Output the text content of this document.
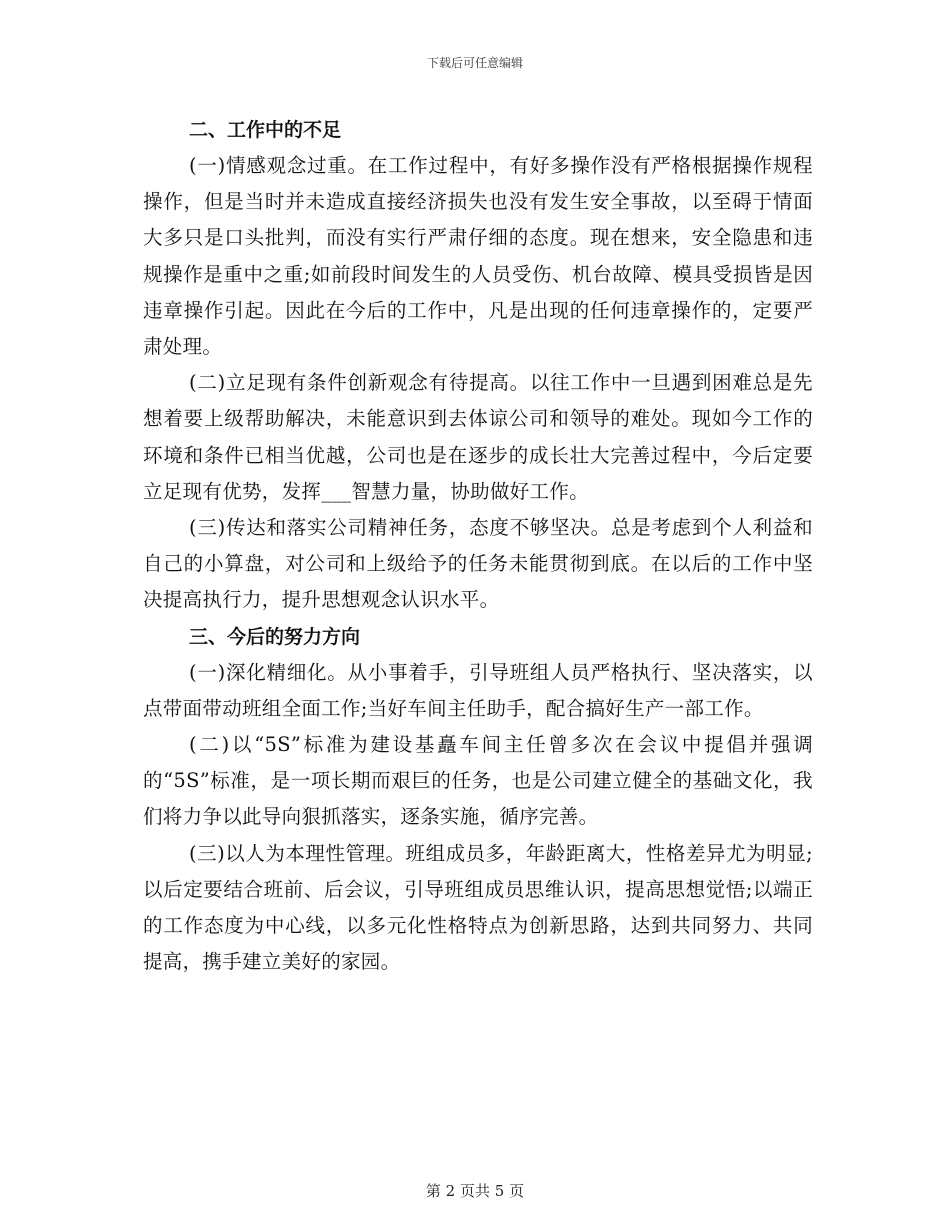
下载后可任意编辑
二、工作中的不足

(一)情感观念过重。在工作过程中，有好多操作没有严格根据操作规程操作，但是当时并未造成直接经济损失也没有发生安全事故，以至碍于情面大多只是口头批判，而没有实行严肃仔细的态度。现在想来，安全隐患和违规操作是重中之重;如前段时间发生的人员受伤、机台故障、模具受损皆是因违章操作引起。因此在今后的工作中，凡是出现的任何违章操作的，定要严肃处理。

(二)立足现有条件创新观念有待提高。以往工作中一旦遇到困难总是先想着要上级帮助解决，未能意识到去体谅公司和领导的难处。现如今工作的环境和条件已相当优越，公司也是在逐步的成长壮大完善过程中，今后定要立足现有优势，发挥___智慧力量，协助做好工作。

(三)传达和落实公司精神任务，态度不够坚决。总是考虑到个人利益和自己的小算盘，对公司和上级给予的任务未能贯彻到底。在以后的工作中坚决提高执行力，提升思想观念认识水平。

三、今后的努力方向

(一)深化精细化。从小事着手，引导班组人员严格执行、坚决落实，以点带面带动班组全面工作;当好车间主任助手，配合搞好生产一部工作。

(二)以“5S”标准为建设基矗车间主任曾多次在会议中提倡并强调的“5S”标准，是一项长期而艰巨的任务，也是公司建立健全的基础文化，我们将力争以此导向狠抓落实，逐条实施，循序完善。

(三)以人为本理性管理。班组成员多，年龄距离大，性格差异尤为明显;以后定要结合班前、后会议，引导班组成员思维认识，提高思想觉悟;以端正的工作态度为中心线，以多元化性格特点为创新思路，达到共同努力、共同提高，携手建立美好的家园。

第 2 页共 5 页
